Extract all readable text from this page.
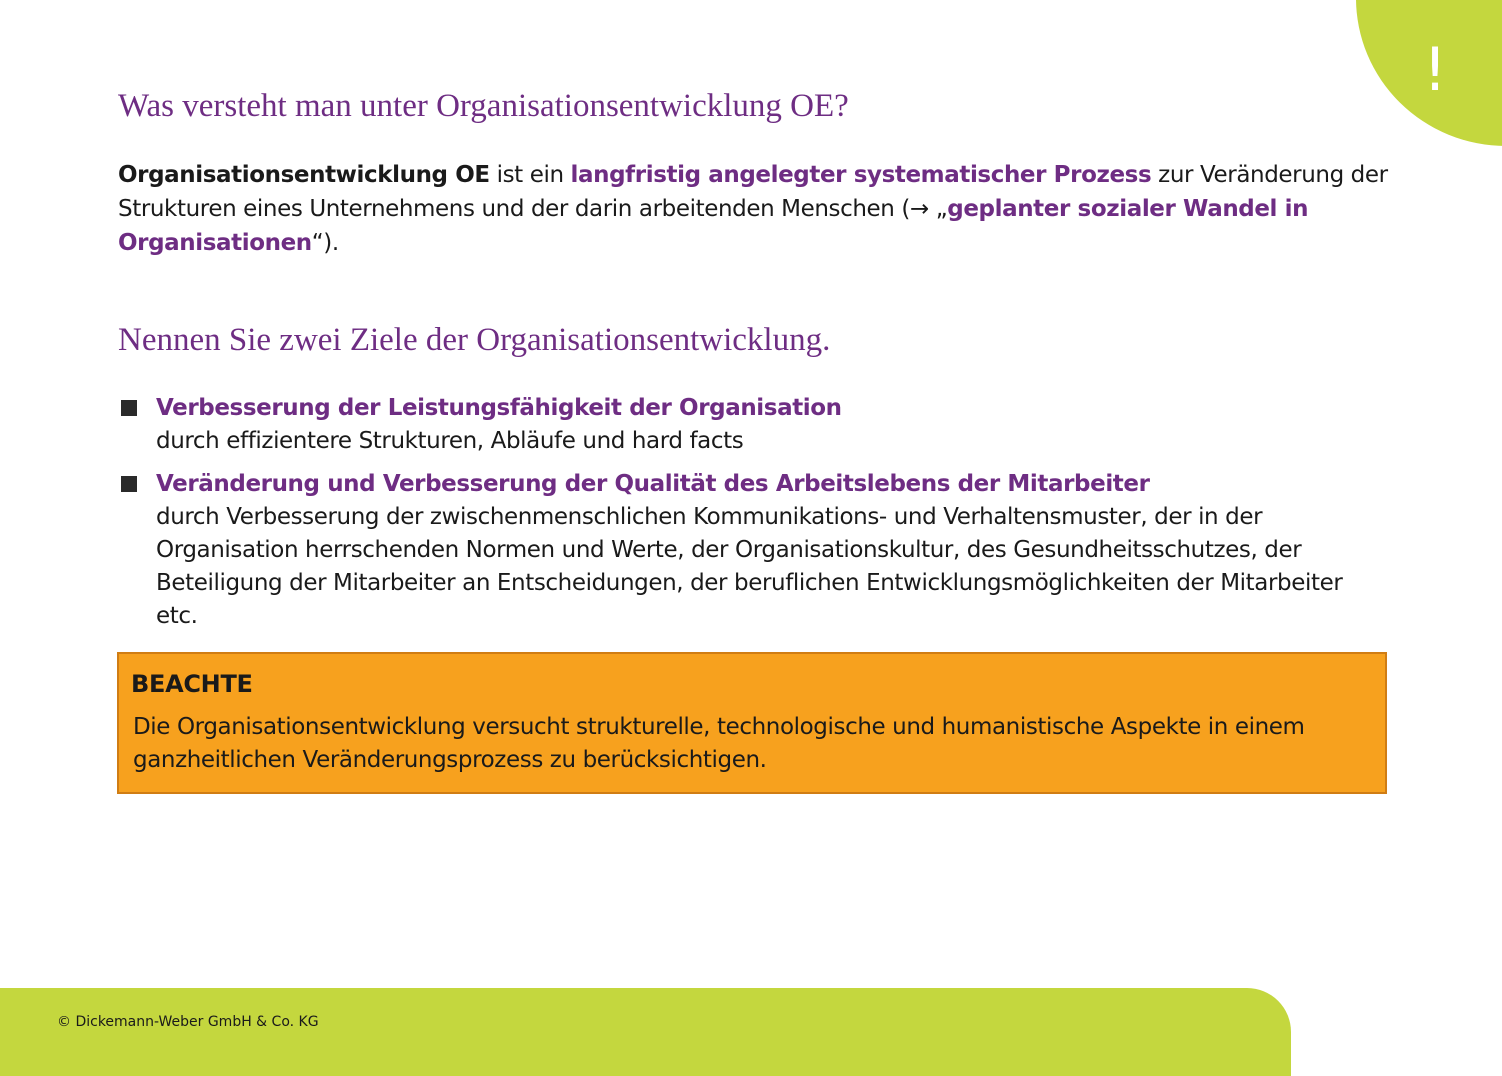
!
Was versteht man unter Organisationsentwicklung OE?

Organisationsentwicklung OE ist ein langfristig angelegter systematischer Prozess zur Veränderung der Strukturen eines Unternehmens und der darin arbeitenden Menschen (→ „geplanter sozialer Wandel in Organisationen“).

Nennen Sie zwei Ziele der Organisationsentwicklung.
Verbesserung der Leistungsfähigkeit der Organisation
durch effizientere Strukturen, Abläufe und hard facts
Veränderung und Verbesserung der Qualität des Arbeitslebens der Mitarbeiter
durch Verbesserung der zwischenmenschlichen Kommunikations- und Verhaltensmuster, der in der Organisation herrschenden Normen und Werte, der Organisationskultur, des Gesundheitsschutzes, der Beteiligung der Mitarbeiter an Entscheidungen, der beruflichen Entwicklungsmöglichkeiten der Mitarbeiter etc.
BEACHTE

Die Organisationsentwicklung versucht strukturelle, technologische und humanistische Aspekte in einem ganzheitlichen Veränderungsprozess zu berücksichtigen.

© Dickemann-Weber GmbH & Co. KG
